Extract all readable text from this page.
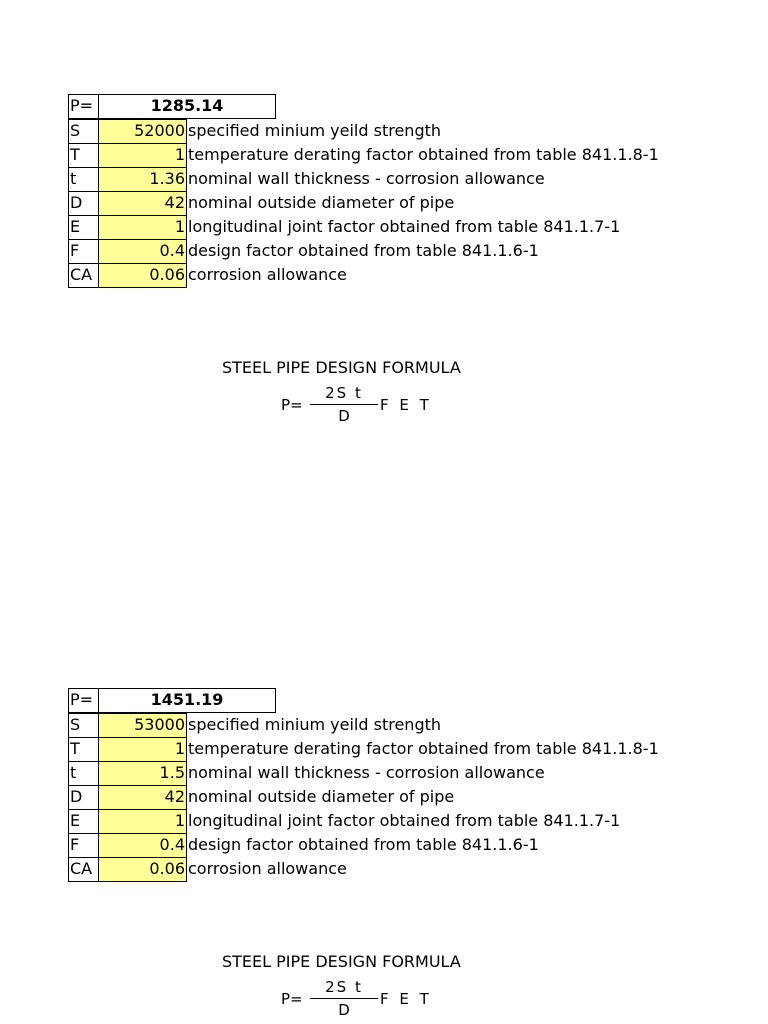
P=	1285.14
S	52000 specified minium yeild strength
T	1 temperature derating factor obtained from table 841.1.8-1
t	1.36 nominal wall thickness - corrosion allowance
D	42 nominal outside diameter of pipe
E	1 longitudinal joint factor obtained from table 841.1.7-1
F	0.4 design factor obtained from table 841.1.6-1
CA	0.06 corrosion allowance
STEEL PIPE DESIGN FORMULA
P=
2S t
D
F E T
P=	1451.19
S	53000 specified minium yeild strength
T	1 temperature derating factor obtained from table 841.1.8-1
t	1.5 nominal wall thickness - corrosion allowance
D	42 nominal outside diameter of pipe
E	1 longitudinal joint factor obtained from table 841.1.7-1
F	0.4 design factor obtained from table 841.1.6-1
CA	0.06 corrosion allowance
STEEL PIPE DESIGN FORMULA
P=
2S t
D
F E T
